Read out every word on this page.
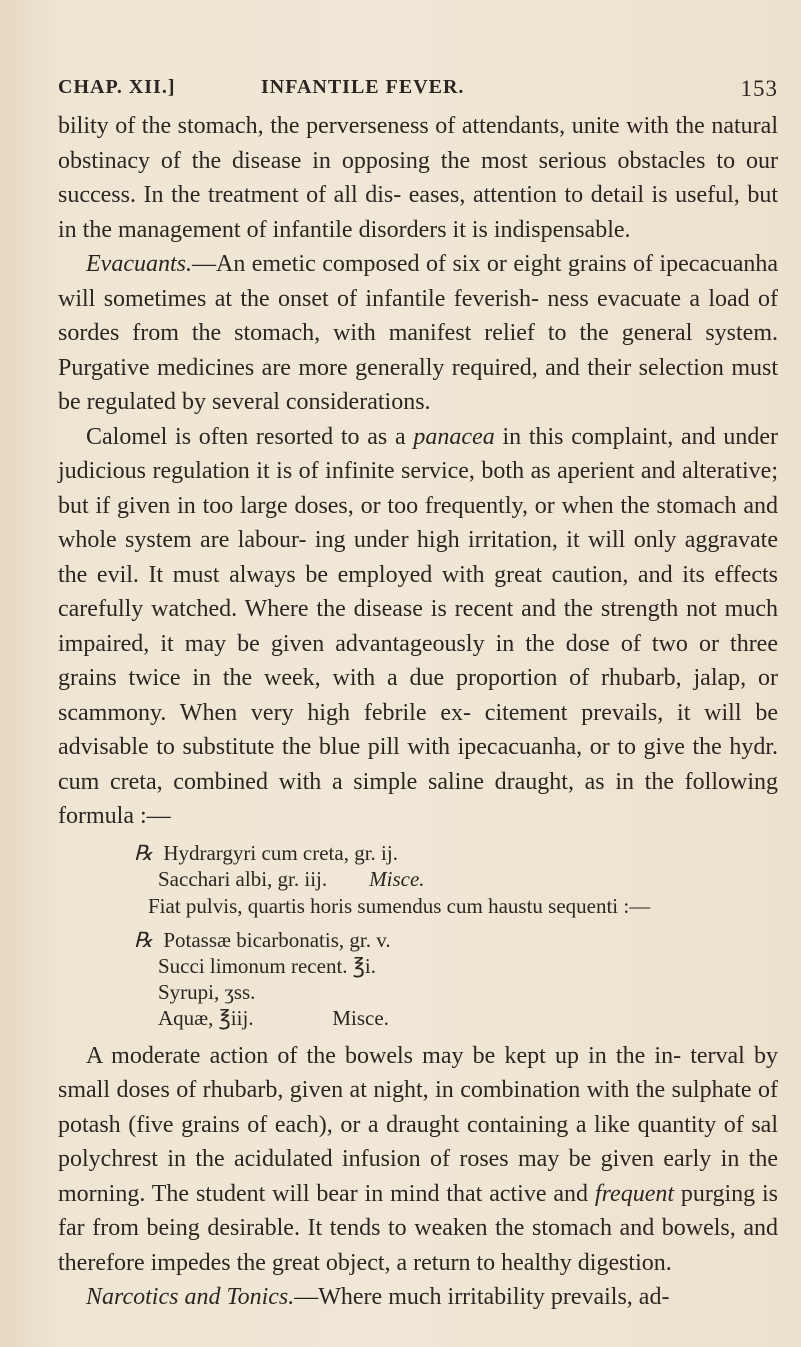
CHAP. XII.]	INFANTILE FEVER.	153

bility of the stomach, the perverseness of attendants, unite with the natural obstinacy of the disease in opposing the most serious obstacles to our success. In the treatment of all dis- eases, attention to detail is useful, but in the management of infantile disorders it is indispensable.

Evacuants.—An emetic composed of six or eight grains of ipecacuanha will sometimes at the onset of infantile feverish- ness evacuate a load of sordes from the stomach, with manifest relief to the general system. Purgative medicines are more generally required, and their selection must be regulated by several considerations.

Calomel is often resorted to as a panacea in this complaint, and under judicious regulation it is of infinite service, both as aperient and alterative; but if given in too large doses, or too frequently, or when the stomach and whole system are labour- ing under high irritation, it will only aggravate the evil. It must always be employed with great caution, and its effects carefully watched. Where the disease is recent and the strength not much impaired, it may be given advantageously in the dose of two or three grains twice in the week, with a due proportion of rhubarb, jalap, or scammony. When very high febrile ex- citement prevails, it will be advisable to substitute the blue pill with ipecacuanha, or to give the hydr. cum creta, combined with a simple saline draught, as in the following formula :—

℞ Hydrargyri cum creta, gr. ij.
Sacchari albi, gr. iij. Misce.
Fiat pulvis, quartis horis sumendus cum haustu sequenti :—
℞ Potassæ bicarbonatis, gr. v.
Succi limonum recent. ℥i.
Syrupi, ʒss.
Aquæ, ℥iij.	Misce.

A moderate action of the bowels may be kept up in the in- terval by small doses of rhubarb, given at night, in combination with the sulphate of potash (five grains of each), or a draught containing a like quantity of sal polychrest in the acidulated infusion of roses may be given early in the morning. The student will bear in mind that active and frequent purging is far from being desirable. It tends to weaken the stomach and bowels, and therefore impedes the great object, a return to healthy digestion.

Narcotics and Tonics.—Where much irritability prevails, ad-
